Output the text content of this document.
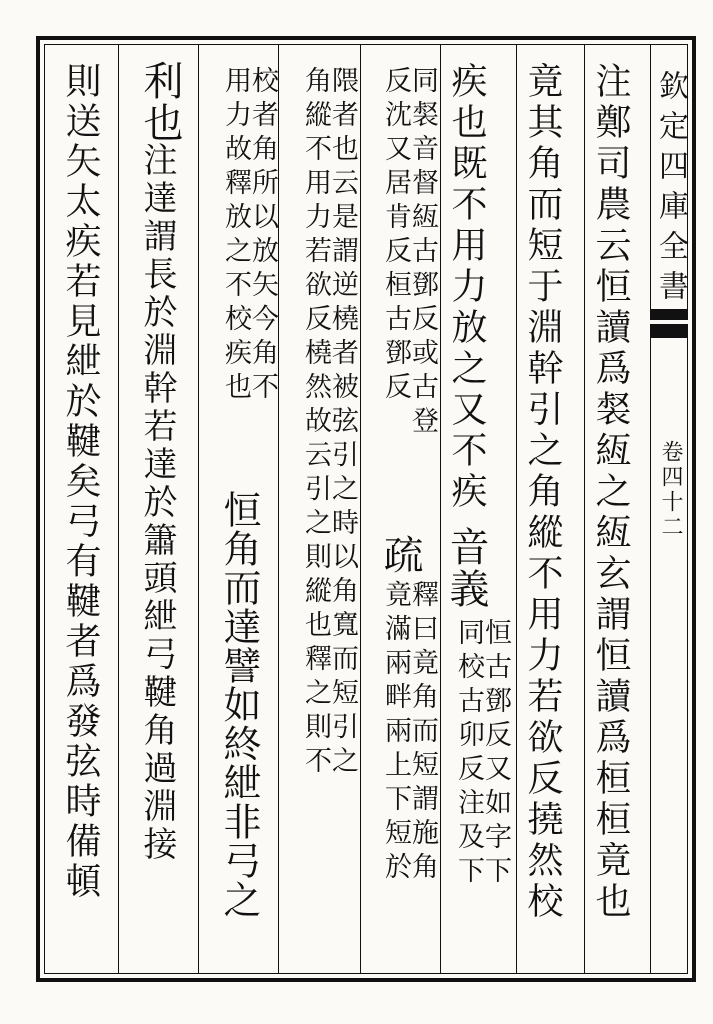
欽定四庫全書
卷四十二
注鄭司農云恒讀爲裻絚之絚玄謂恒讀爲桓桓竟也
竟其角而短于淵幹引之角縱不用力若欲反撓然校
疾也既不用力放之又不疾
音義
恒古鄧反又如字下
同校古卯反注及下
同裻音督絚古鄧反或古登
反沈又居肯反桓古鄧反
疏
釋曰竟角而短謂施角
竟滿兩畔兩上下短於
隈者也云是謂逆橈者被弦引之時以角寬而短引之
角縱不用力若欲反橈然故云引之則縱也釋之則不
校者角所以放矢今角不
用力故釋放之不校疾也
恒角而達譬如終紲非弓之
利也
注達謂長於淵幹若達於簫頭紲弓鞬角過淵接
則送矢太疾若見紲於鞬矣弓有鞬者爲發弦時備頓
